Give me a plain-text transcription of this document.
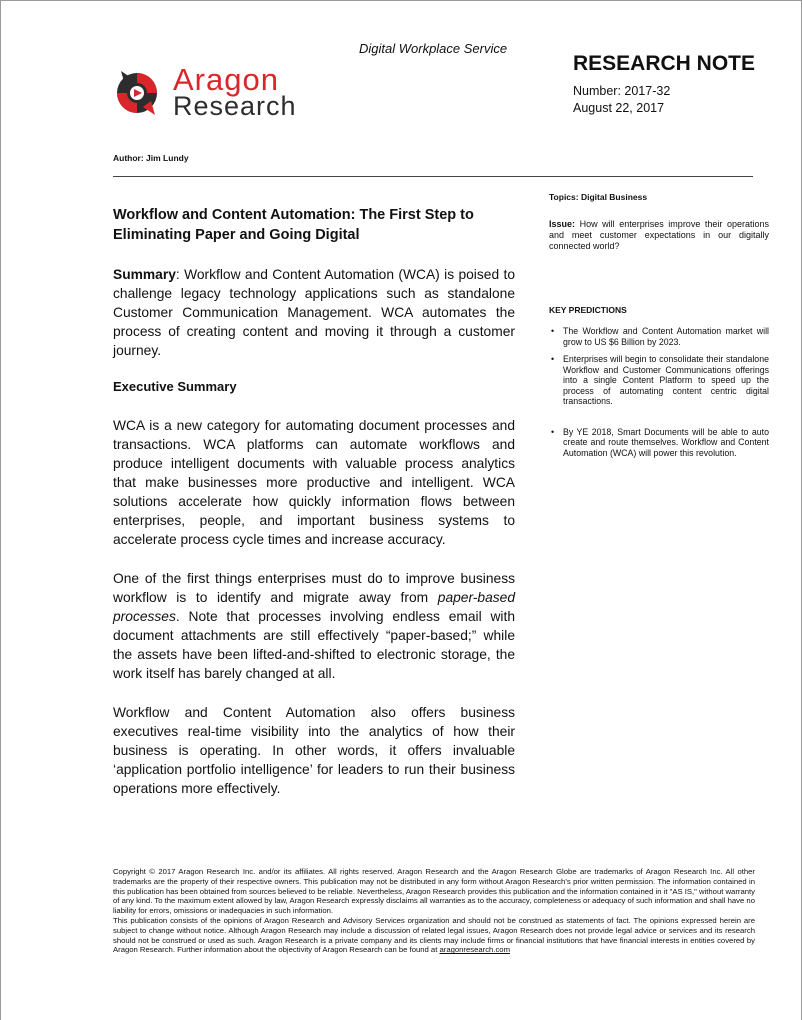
Digital Workplace Service
Aragon
Research
RESEARCH NOTE
Number: 2017-32
August 22, 2017
Author: Jim Lundy
Workflow and Content Automation: The First Step to Eliminating Paper and Going Digital

Summary: Workflow and Content Automation (WCA) is poised to challenge legacy technology applications such as standalone Customer Communication Management. WCA automates the process of creating content and moving it through a customer journey.

Executive Summary

WCA is a new category for automating document processes and transactions. WCA platforms can automate workflows and produce intelligent documents with valuable process analytics that make businesses more productive and intelligent. WCA solutions accelerate how quickly information flows between enterprises, people, and important business systems to accelerate process cycle times and increase accuracy.

One of the first things enterprises must do to improve business workflow is to identify and migrate away from paper-based processes. Note that processes involving endless email with document attachments are still effectively “paper-based;” while the assets have been lifted-and-shifted to electronic storage, the work itself has barely changed at all.

Workflow and Content Automation also offers business executives real-time visibility into the analytics of how their business is operating. In other words, it offers invaluable ‘application portfolio intelligence’ for leaders to run their business operations more effectively.

Topics: Digital Business
Issue: How will enterprises improve their operations and meet customer expectations in our digitally connected world?
KEY PREDICTIONS
• The Workflow and Content Automation market will grow to US $6 Billion by 2023.
• Enterprises will begin to consolidate their standalone Workflow and Customer Communications offerings into a single Content Platform to speed up the process of automating content centric digital transactions.
• By YE 2018, Smart Documents will be able to auto create and route themselves. Workflow and Content Automation (WCA) will power this revolution.

Copyright © 2017 Aragon Research Inc. and/or its affiliates. All rights reserved. Aragon Research and the Aragon Research Globe are trademarks of Aragon Research Inc. All other trademarks are the property of their respective owners. This publication may not be distributed in any form without Aragon Research’s prior written permission. The information contained in this publication has been obtained from sources believed to be reliable. Nevertheless, Aragon Research provides this publication and the information contained in it "AS IS," without warranty of any kind. To the maximum extent allowed by law, Aragon Research expressly disclaims all warranties as to the accuracy, completeness or adequacy of such information and shall have no liability for errors, omissions or inadequacies in such information.

This publication consists of the opinions of Aragon Research and Advisory Services organization and should not be construed as statements of fact. The opinions expressed herein are subject to change without notice. Although Aragon Research may include a discussion of related legal issues, Aragon Research does not provide legal advice or services and its research should not be construed or used as such. Aragon Research is a private company and its clients may include firms or financial institutions that have financial interests in entities covered by Aragon Research. Further information about the objectivity of Aragon Research can be found at aragonresearch.com
